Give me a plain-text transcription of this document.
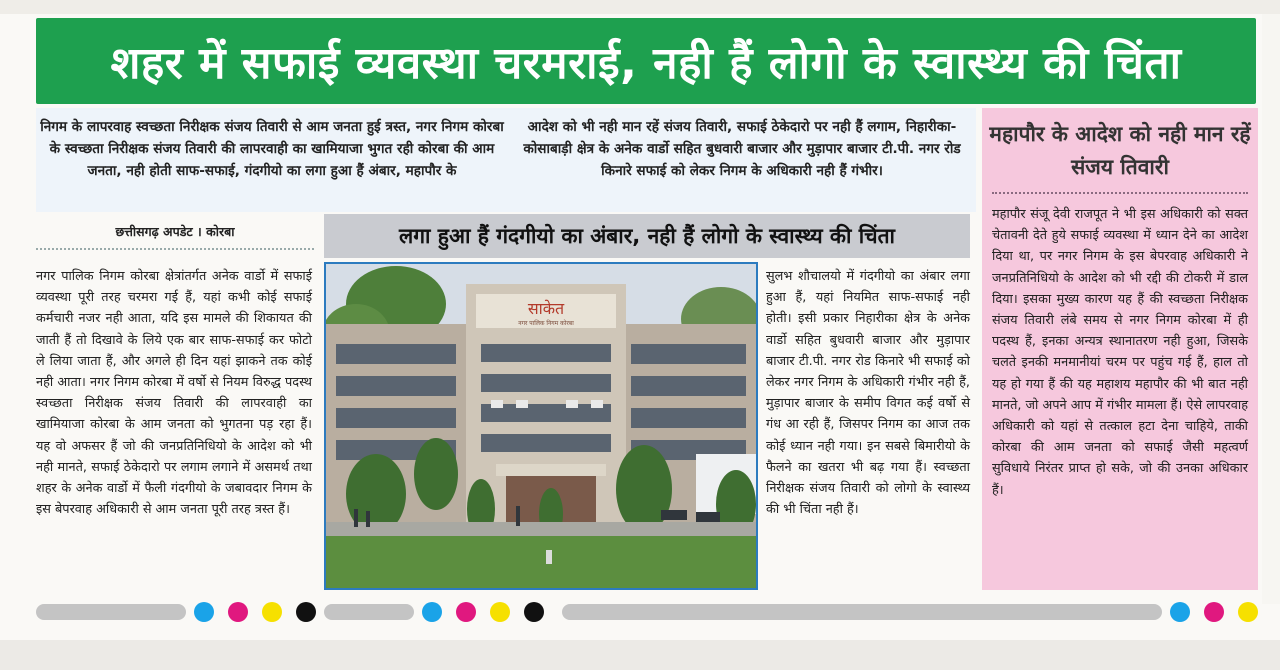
शहर में सफाई व्यवस्था चरमराई, नही हैं लोगो के स्वास्थ्य की चिंता
निगम के लापरवाह स्वच्छता निरीक्षक संजय तिवारी से आम जनता हुई त्रस्त, नगर निगम कोरबा के स्वच्छता निरीक्षक संजय तिवारी की लापरवाही का खामियाजा भुगत रही कोरबा की आम जनता, नही होती साफ-सफाई, गंदगीयो का लगा हुआ हैं अंबार, महापौर के
आदेश को भी नही मान रहें संजय तिवारी, सफाई ठेकेदारो पर नही हैं लगाम, निहारीका-कोसाबाड़ी क्षेत्र के अनेक वार्डो सहित बुधवारी बाजार और मुड़ापार बाजार टी.पी. नगर रोड किनारे सफाई को लेकर निगम के अधिकारी नही हैं गंभीर।
छत्तीसगढ़ अपडेट । कोरबा
नगर पालिक निगम कोरबा क्षेत्रांतर्गत अनेक वार्डो में सफाई व्यवस्था पूरी तरह चरमरा गई हैं, यहां कभी कोई सफाई कर्मचारी नजर नही आता, यदि इस मामले की शिकायत की जाती हैं तो दिखावे के लिये एक बार साफ-सफाई कर फोटो ले लिया जाता हैं, और अगले ही दिन यहां झाकने तक कोई नही आता। नगर निगम कोरबा में वर्षो से नियम विरुद्ध पदस्थ स्वच्छता निरीक्षक संजय तिवारी की लापरवाही का खामियाजा कोरबा के आम जनता को भुगतना पड़ रहा हैं। यह वो अफसर हैं जो की जनप्रतिनिधियो के आदेश को भी नही मानते, सफाई ठेकेदारो पर लगाम लगाने में असमर्थ तथा शहर के अनेक वार्डो में फैली गंदगीयो के जबावदार निगम के इस बेपरवाह अधिकारी से आम जनता पूरी तरह त्रस्त हैं।
लगा हुआ हैं गंदगीयो का अंबार, नही हैं लोगो के स्वास्थ्य की चिंता
साकेत
नगर पालिक निगम कोरबा
सुलभ शौचालयो में गंदगीयो का अंबार लगा हुआ हैं, यहां नियमित साफ-सफाई नही होती। इसी प्रकार निहारीका क्षेत्र के अनेक वार्डो सहित बुधवारी बाजार और मुड़ापार बाजार टी.पी. नगर रोड किनारे भी सफाई को लेकर नगर निगम के अधिकारी गंभीर नही हैं, मुड़ापार बाजार के समीप विगत कई वर्षो से गंध आ रही हैं, जिसपर निगम का आज तक कोई ध्यान नही गया। इन सबसे बिमारीयो के फैलने का खतरा भी बढ़ गया हैं। स्वच्छता निरीक्षक संजय तिवारी को लोगो के स्वास्थ्य की भी चिंता नही हैं।
महापौर के आदेश को नही मान रहें संजय तिवारी
महापौर संजू देवी राजपूत ने भी इस अधिकारी को सक्त चेतावनी देते हुये सफाई व्यवस्था में ध्यान देने का आदेश दिया था, पर नगर निगम के इस बेपरवाह अधिकारी ने जनप्रतिनिधियो के आदेश को भी रद्दी की टोकरी में डाल दिया। इसका मुख्य कारण यह हैं की स्वच्छता निरीक्षक संजय तिवारी लंबे समय से नगर निगम कोरबा में ही पदस्थ हैं, इनका अन्यत्र स्थानातरण नही हुआ, जिसके चलते इनकी मनमानीयां चरम पर पहुंच गई हैं, हाल तो यह हो गया हैं की यह महाशय महापौर की भी बात नही मानते, जो अपने आप में गंभीर मामला हैं। ऐसे लापरवाह अधिकारी को यहां से तत्काल हटा देना चाहिये, ताकी कोरबा की आम जनता को सफाई जैसी महत्वर्ण सुविधाये निरंतर प्राप्त हो सके, जो की उनका अधिकार हैं।
